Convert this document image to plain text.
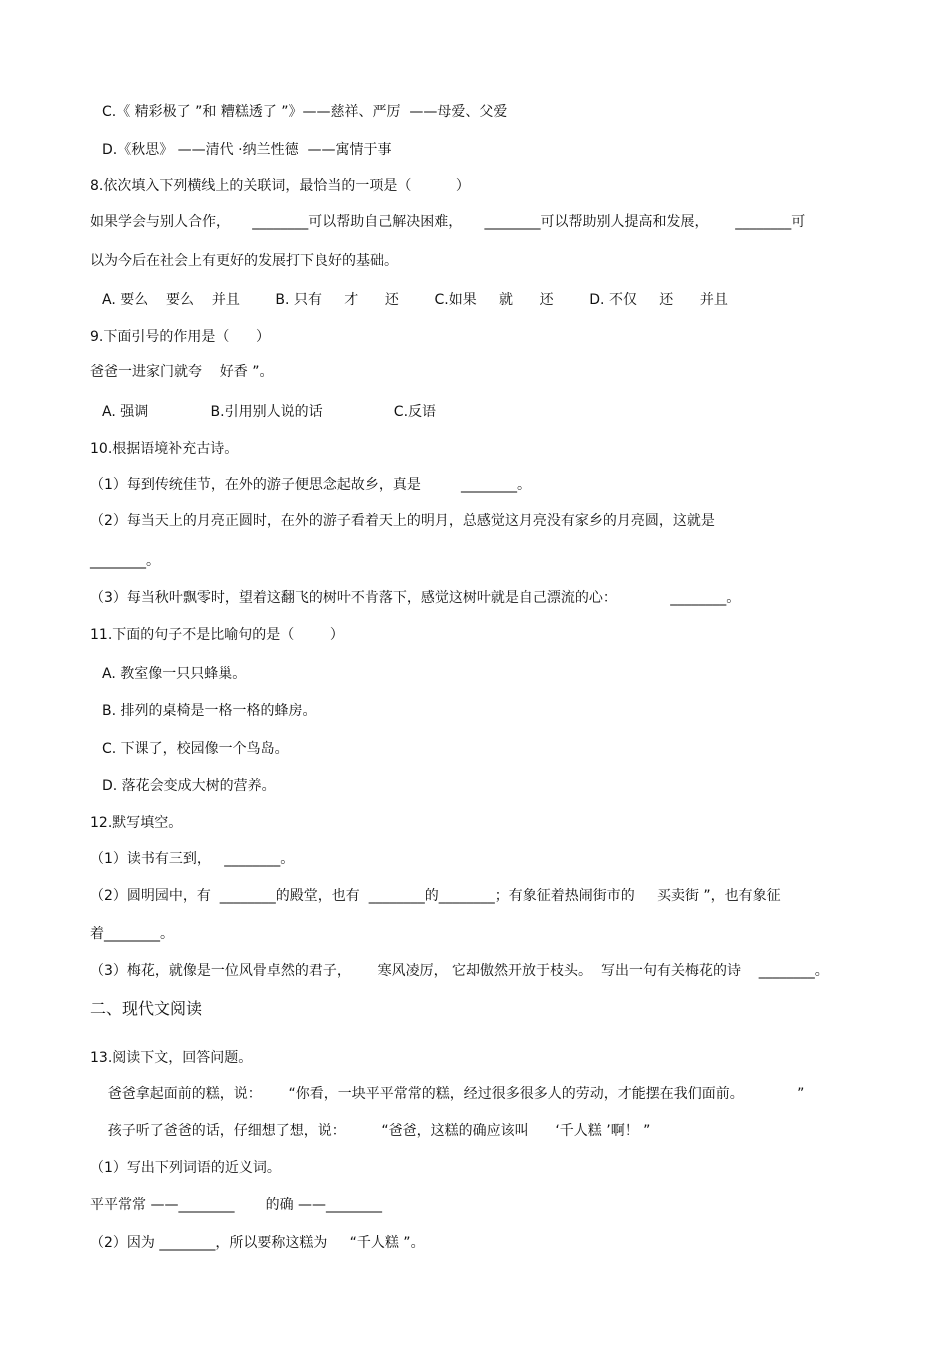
C.《 精彩极了 ”和 糟糕透了 ”》——慈祥、严厉  ——母爱、父爱
D.《秋思》 ——清代 ·纳兰性德  ——寓情于事
8.依次填入下列横线上的关联词，最恰当的一项是（          ）
如果学会与别人合作，     ________可以帮助自己解决困难，     ________可以帮助别人提高和发展，      ________可
以为今后在社会上有更好的发展打下良好的基础。
A. 要么    要么    并且        B. 只有     才      还        C.如果     就      还        D. 不仅     还      并且
9.下面引号的作用是（      ）
爸爸一进家门就夸    好香 ”。
A. 强调              B.引用别人说的话                C.反语
10.根据语境补充古诗。
（1）每到传统佳节，在外的游子便思念起故乡，真是         ________。
（2）每当天上的月亮正圆时，在外的游子看着天上的明月，总感觉这月亮没有家乡的月亮圆，这就是
________。
（3）每当秋叶飘零时，望着这翻飞的树叶不肯落下，感觉这树叶就是自己漂流的心：            ________。
11.下面的句子不是比喻句的是（        ）
A. 教室像一只只蜂巢。
B. 排列的桌椅是一格一格的蜂房。
C. 下课了，校园像一个鸟岛。
D. 落花会变成大树的营养。
12.默写填空。
（1）读书有三到，   ________。
（2）圆明园中，有  ________的殿堂，也有  ________的________；有象征着热闹街市的     买卖街 ”，也有象征
着________。
（3）梅花，就像是一位风骨卓然的君子，      寒风凌厉， 它却傲然开放于枝头。  写出一句有关梅花的诗    ________。
二、现代文阅读
13.阅读下文，回答问题。
爸爸拿起面前的糕，说：      “你看，一块平平常常的糕，经过很多很多人的劳动，才能摆在我们面前。            ”
孩子听了爸爸的话，仔细想了想，说：        “爸爸，这糕的确应该叫      ‘千人糕 ’啊！ ”
（1）写出下列词语的近义词。
平平常常 ——________       的确 ——________
（2）因为 ________，所以要称这糕为     “千人糕 ”。
